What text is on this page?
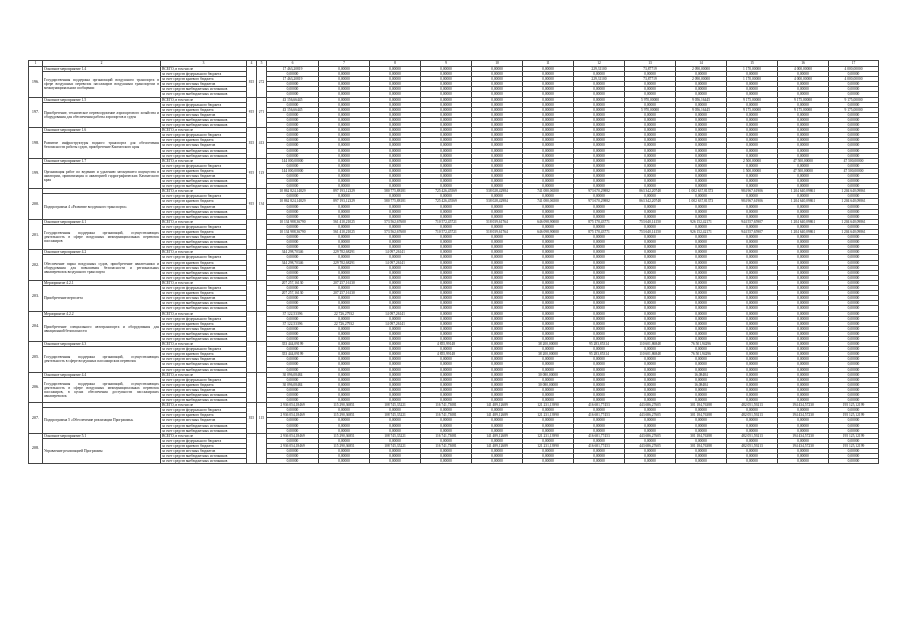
1	2	3	4	5	6	7	8	9	10	11	12	13	14	15	16	17
196.	Основное мероприятие 1.4	ВСЕГО, в том числе	815	272	17 463,20819	0,00000	0,00000	0,00000	0,00000	0,00000	229,31100	73,87719	2 090,00000	1 170,00000	4 000,00000	4 000,00000
	Государственная поддержка организаций воздушного транспорта в сфере воздушных перевозок пассажиров воздушным транспортом в межмуниципальном сообщении	за счет средств федерального бюджета			0,00000	0,00000	0,00000	0,00000	0,00000	0,00000	0,00000	0,00000	0,00000	0,00000	0,00000	0,00000
		за счет средств краевого бюджета			17 463,20819	0,00000	0,00000	0,00000	0,00000	0,00000	229,31100	73,87719	2 090,00000	1 170,00000	4 000,00000	4 000,00000
		за счет средств местных бюджетов			0,00000	0,00000	0,00000	0,00000	0,00000	0,00000	0,00000	0,00000	0,00000	0,00000	0,00000	0,00000
		за счет средств внебюджетных источников			0,00000	0,00000	0,00000	0,00000	0,00000	0,00000	0,00000	0,00000	0,00000	0,00000	0,00000	0,00000
		за счет средств внебюджетных источников			0,00000	0,00000	0,00000	0,00000	0,00000	0,00000	0,00000	0,00000	0,00000	0,00000	0,00000	0,00000
197.	Основное мероприятие 1.5	ВСЕГО, в том числе	815	271	43 156,66445	0,00000	0,00000	0,00000	0,00000	0,00000	0,00000	5 970,00000	9 056,16445	9 175,00000	9 175,00000	9 175,00000
	Приобретение, техническое перевооружение аэропортового хозяйства и оборудования для обеспечения работы аэропортов и суден	за счет средств федерального бюджета			0,00000	0,00000	0,00000	0,00000	0,00000	0,00000	0,00000	0,00000	0,00000	0,00000	0,00000	0,00000
		за счет средств краевого бюджета			43 156,66445	0,00000	0,00000	0,00000	0,00000	0,00000	0,00000	5 970,00000	9 056,16445	9 175,00000	9 175,00000	9 175,00000
		за счет средств местных бюджетов			0,00000	0,00000	0,00000	0,00000	0,00000	0,00000	0,00000	0,00000	0,00000	0,00000	0,00000	0,00000
		за счет средств внебюджетных источников			0,00000	0,00000	0,00000	0,00000	0,00000	0,00000	0,00000	0,00000	0,00000	0,00000	0,00000	0,00000
		за счет средств внебюджетных источников			0,00000	0,00000	0,00000	0,00000	0,00000	0,00000	0,00000	0,00000	0,00000	0,00000	0,00000	0,00000
198.	Основное мероприятие 1.6	ВСЕГО, в том числе	815	413	0,00000	0,00000	0,00000	0,00000	0,00000	0,00000	0,00000	0,00000	0,00000	0,00000	0,00000	0,00000
	Развитие инфраструктуры водного транспорта для обеспечения безопасности работы судов, приобретение Камчатского края	за счет средств федерального бюджета			0,00000	0,00000	0,00000	0,00000	0,00000	0,00000	0,00000	0,00000	0,00000	0,00000	0,00000	0,00000
		за счет средств краевого бюджета			0,00000	0,00000	0,00000	0,00000	0,00000	0,00000	0,00000	0,00000	0,00000	0,00000	0,00000	0,00000
		за счет средств местных бюджетов			0,00000	0,00000	0,00000	0,00000	0,00000	0,00000	0,00000	0,00000	0,00000	0,00000	0,00000	0,00000
		за счет средств внебюджетных источников			0,00000	0,00000	0,00000	0,00000	0,00000	0,00000	0,00000	0,00000	0,00000	0,00000	0,00000	0,00000
		за счет средств внебюджетных источников			0,00000	0,00000	0,00000	0,00000	0,00000	0,00000	0,00000	0,00000	0,00000	0,00000	0,00000	0,00000
199.	Основное мероприятие 1.7	ВСЕГО, в том числе	815	123	144 000,00000	0,00000	0,00000	0,00000	0,00000	0,00000	0,00000	0,00000	0,00000	2 500,00000	47 500,00000	47 500,00000
	Организация работ по ведению и удалению затонувшего имущества в акватории, приватизация и акваторией гидрографических Камчатского края	за счет средств федерального бюджета			0,00000	0,00000	0,00000	0,00000	0,00000	0,00000	0,00000	0,00000	0,00000	0,00000	0,00000	0,00000
		за счет средств краевого бюджета			144 000,00000	0,00000	0,00000	0,00000	0,00000	0,00000	0,00000	0,00000	0,00000	1 500,00000	47 500,00000	47 500,00000
		за счет средств местных бюджетов			0,00000	0,00000	0,00000	0,00000	0,00000	0,00000	0,00000	0,00000	0,00000	0,00000	0,00000	0,00000
		за счет средств внебюджетных источников			0,00000	0,00000	0,00000	0,00000	0,00000	0,00000	0,00000	0,00000	0,00000	0,00000	0,00000	0,00000
		за счет средств внебюджетных источников			0,00000	0,00000	0,00000	0,00000	0,00000	0,00000	0,00000	0,00000	0,00000	0,00000	0,00000	0,00000
200.		ВСЕГО, в том числе	815	134	10 862 824,14829	897 193,12329	580 775,88181	725 426,45569	538 028,42984	741 080,06500	973 670,29882	863 342,20748	1 002 637,81373	984 967,61906	1 204 640,09861	1 204 640,09861
	Подпрограмма 4 «Развитие воздушного транспорта»	за счет средств федерального бюджета			0,00000	0,00000	0,00000	0,00000	0,00000	0,00000	0,00000	0,00000	0,00000	0,00000	0,00000	0,00000
		за счет средств краевого бюджета			10 862 824,14829	897 193,12329	580 775,88181	725 426,45569	538 028,42984	741 080,06500	973 670,29882	863 342,20748	1 002 637,81373	984 967,61906	1 204 640,09861	1 204 640,09861
		за счет средств местных бюджетов			0,00000	0,00000	0,00000	0,00000	0,00000	0,00000	0,00000	0,00000	0,00000	0,00000	0,00000	0,00000
		за счет средств внебюджетных источников			0,00000	0,00000	0,00000	0,00000	0,00000	0,00000	0,00000	0,00000	0,00000	0,00000	0,00000	0,00000
		за счет средств внебюджетных источников			0,00000	0,00000	0,00000	0,00000	0,00000	0,00000	0,00000	0,00000	0,00000	0,00000	0,00000	0,00000
201.	Основное мероприятие 4.1	ВСЕГО, в том числе			10 134 988,36790	561 410,21025	573 562,67600	710 572,45721	518 039,61764	646 098,90000	875 170,43771	753 640,14150	926 152,42171	944 557,65907	1 204 640,09861	1 204 640,09861
	Государственная поддержка организаций, осуществляющих деятельность в сфере воздушных межмуниципальных перевозок пассажиров	за счет средств федерального бюджета			0,00000	0,00000	0,00000	0,00000	0,00000	0,00000	0,00000	0,00000	0,00000	0,00000	0,00000	0,00000
		за счет средств краевого бюджета			10 134 988,36790	561 410,21025	573 562,67600	710 572,45721	518 039,61764	646 098,90000	875 170,43771	753 640,14150	926 152,42171	944 557,65907	1 204 640,09861	1 204 640,09861
		за счет средств местных бюджетов			0,00000	0,00000	0,00000	0,00000	0,00000	0,00000	0,00000	0,00000	0,00000	0,00000	0,00000	0,00000
		за счет средств внебюджетных источников			0,00000	0,00000	0,00000	0,00000	0,00000	0,00000	0,00000	0,00000	0,00000	0,00000	0,00000	0,00000
		за счет средств внебюджетных источников			0,00000	0,00000	0,00000	0,00000	0,00000	0,00000	0,00000	0,00000	0,00000	0,00000	0,00000	0,00000
202.	Основное мероприятие 4.2	ВСЕГО, в том числе			344 298,70346	229 782,68291	14 097,26141	0,00000	0,00000	0,00000	0,00000	0,00000	0,00000	0,00000	0,00000	0,00000
	Обеспечение парка воздушных судов, приобретение авиатехники и оборудования для повышения безопасности и региональных авиаперевозок воздушного транспорта	за счет средств федерального бюджета			0,00000	0,00000	0,00000	0,00000	0,00000	0,00000	0,00000	0,00000	0,00000	0,00000	0,00000	0,00000
		за счет средств краевого бюджета			344 298,70346	229 782,68291	14 097,26141	0,00000	0,00000	0,00000	0,00000	0,00000	0,00000	0,00000	0,00000	0,00000
		за счет средств местных бюджетов			0,00000	0,00000	0,00000	0,00000	0,00000	0,00000	0,00000	0,00000	0,00000	0,00000	0,00000	0,00000
		за счет средств внебюджетных источников			0,00000	0,00000	0,00000	0,00000	0,00000	0,00000	0,00000	0,00000	0,00000	0,00000	0,00000	0,00000
		за счет средств внебюджетных источников			0,00000	0,00000	0,00000	0,00000	0,00000	0,00000	0,00000	0,00000	0,00000	0,00000	0,00000	0,00000
203.	Мероприятие 4.2.1	ВСЕГО, в том числе			207 257,16130	207 257,16130	0,00000	0,00000	0,00000	0,00000	0,00000	0,00000	0,00000	0,00000	0,00000	0,00000
	Приобретение вертолета	за счет средств федерального бюджета			0,00000	0,00000	0,00000	0,00000	0,00000	0,00000	0,00000	0,00000	0,00000	0,00000	0,00000	0,00000
		за счет средств краевого бюджета			207 257,16130	207 257,16130	0,00000	0,00000	0,00000	0,00000	0,00000	0,00000	0,00000	0,00000	0,00000	0,00000
		за счет средств местных бюджетов			0,00000	0,00000	0,00000	0,00000	0,00000	0,00000	0,00000	0,00000	0,00000	0,00000	0,00000	0,00000
		за счет средств внебюджетных источников			0,00000	0,00000	0,00000	0,00000	0,00000	0,00000	0,00000	0,00000	0,00000	0,00000	0,00000	0,00000
		за счет средств внебюджетных источников			0,00000	0,00000	0,00000	0,00000	0,00000	0,00000	0,00000	0,00000	0,00000	0,00000	0,00000	0,00000
204.	Мероприятие 4.2.2	ВСЕГО, в том числе			37 122,53396	22 726,27932	14 097,26141	0,00000	0,00000	0,00000	0,00000	0,00000	0,00000	0,00000	0,00000	0,00000
	Приобретение специального автотранспорта и оборудования для авиационной безопасности	за счет средств федерального бюджета			0,00000	0,00000	0,00000	0,00000	0,00000	0,00000	0,00000	0,00000	0,00000	0,00000	0,00000	0,00000
		за счет средств краевого бюджета			37 122,53396	22 726,27932	14 097,26141	0,00000	0,00000	0,00000	0,00000	0,00000	0,00000	0,00000	0,00000	0,00000
		за счет средств местных бюджетов			0,00000	0,00000	0,00000	0,00000	0,00000	0,00000	0,00000	0,00000	0,00000	0,00000	0,00000	0,00000
		за счет средств внебюджетных источников			0,00000	0,00000	0,00000	0,00000	0,00000	0,00000	0,00000	0,00000	0,00000	0,00000	0,00000	0,00000
		за счет средств внебюджетных источников			0,00000	0,00000	0,00000	0,00000	0,00000	0,00000	0,00000	0,00000	0,00000	0,00000	0,00000	0,00000
205.	Основное мероприятие 4.3	ВСЕГО, в том числе			353 444,09199	0,00000	0,00000	4 855,99148	0,00000	38 200,00000	95 283,85314	110 601,86848	76 501,94296	0,00000	0,00000	0,00000
	Государственная поддержка организаций, осуществляющих деятельность в сфере воздушных пассажирских перевозок	за счет средств федерального бюджета			0,00000	0,00000	0,00000	0,00000	0,00000	0,00000	0,00000	0,00000	0,00000	0,00000	0,00000	0,00000
		за счет средств краевого бюджета			353 444,09199	0,00000	0,00000	4 855,99148	0,00000	38 200,00000	95 283,85314	110 601,86848	76 501,94296	0,00000	0,00000	0,00000
		за счет средств местных бюджетов			0,00000	0,00000	0,00000	0,00000	0,00000	0,00000	0,00000	0,00000	0,00000	0,00000	0,00000	0,00000
		за счет средств внебюджетных источников			0,00000	0,00000	0,00000	0,00000	0,00000	0,00000	0,00000	0,00000	0,00000	0,00000	0,00000	0,00000
		за счет средств внебюджетных источников			0,00000	0,00000	0,00000	0,00000	0,00000	0,00000	0,00000	0,00000	0,00000	0,00000	0,00000	0,00000
206.	Основное мероприятие 4.4	ВСЕГО, в том числе			30 096,08484	0,00000	0,00000	0,00000	0,00000	30 080,00000	0,00000	0,00000	16,08484	0,00000	0,00000	0,00000
	Государственная поддержка организаций, осуществляющих деятельность в сфере воздушных межмуниципальных перевозок пассажиров, в целях обеспечения доступности пассажирских авиаперевозок	за счет средств федерального бюджета			0,00000	0,00000	0,00000	0,00000	0,00000	0,00000	0,00000	0,00000	0,00000	0,00000	0,00000	0,00000
		за счет средств краевого бюджета			30 096,08484	0,00000	0,00000	0,00000	0,00000	30 080,00000	0,00000	0,00000	16,08484	0,00000	0,00000	0,00000
		за счет средств местных бюджетов			0,00000	0,00000	0,00000	0,00000	0,00000	0,00000	0,00000	0,00000	0,00000	0,00000	0,00000	0,00000
		за счет средств внебюджетных источников			0,00000	0,00000	0,00000	0,00000	0,00000	0,00000	0,00000	0,00000	0,00000	0,00000	0,00000	0,00000
		за счет средств внебюджетных источников			0,00000	0,00000	0,00000	0,00000	0,00000	0,00000	0,00000	0,00000	0,00000	0,00000	0,00000	0,00000
207.		ВСЕГО, в том числе	815	115	2 936 054,18469	115 290,36851	108 745,35221	116 741,73081	141 489,12689	121 231,13990	416 681,77453	443 686,27605	301 184,76388	482 051,59213	194 434,57230	195 125,12199
	Подпрограмма 5 «Обеспечение реализации Программы»	за счет средств федерального бюджета			0,00000	0,00000	0,00000	0,00000	0,00000	0,00000	0,00000	0,00000	0,00000	0,00000	0,00000	0,00000
		за счет средств краевого бюджета			2 936 054,18469	115 290,36851	108 745,35221	116 741,73081	141 489,12689	121 231,13990	416 681,77453	443 686,27605	301 184,76388	482 051,59213	194 434,57230	195 125,12199
		за счет средств местных бюджетов			0,00000	0,00000	0,00000	0,00000	0,00000	0,00000	0,00000	0,00000	0,00000	0,00000	0,00000	0,00000
		за счет средств внебюджетных источников			0,00000	0,00000	0,00000	0,00000	0,00000	0,00000	0,00000	0,00000	0,00000	0,00000	0,00000	0,00000
		за счет средств внебюджетных источников			0,00000	0,00000	0,00000	0,00000	0,00000	0,00000	0,00000	0,00000	0,00000	0,00000	0,00000	0,00000
208.	Основное мероприятие 5.1	ВСЕГО, в том числе			2 936 054,18469	115 290,36851	108 745,35221	116 741,73081	141 489,12689	121 231,13990	416 681,77453	443 686,27605	301 184,76388	482 051,59213	194 434,57230	195 125,12199
	Управление реализацией Программы	за счет средств федерального бюджета			0,00000	0,00000	0,00000	0,00000	0,00000	0,00000	0,00000	0,00000	0,00000	0,00000	0,00000	0,00000
		за счет средств краевого бюджета			2 936 054,18469	115 290,36851	108 745,35221	116 741,73081	141 489,12689	121 231,13990	416 681,77453	443 686,27605	301 184,76388	482 051,59213	194 434,57230	195 125,12199
		за счет средств местных бюджетов			0,00000	0,00000	0,00000	0,00000	0,00000	0,00000	0,00000	0,00000	0,00000	0,00000	0,00000	0,00000
		за счет средств внебюджетных источников			0,00000	0,00000	0,00000	0,00000	0,00000	0,00000	0,00000	0,00000	0,00000	0,00000	0,00000	0,00000
		за счет средств внебюджетных источников			0,00000	0,00000	0,00000	0,00000	0,00000	0,00000	0,00000	0,00000	0,00000	0,00000	0,00000	0,00000
